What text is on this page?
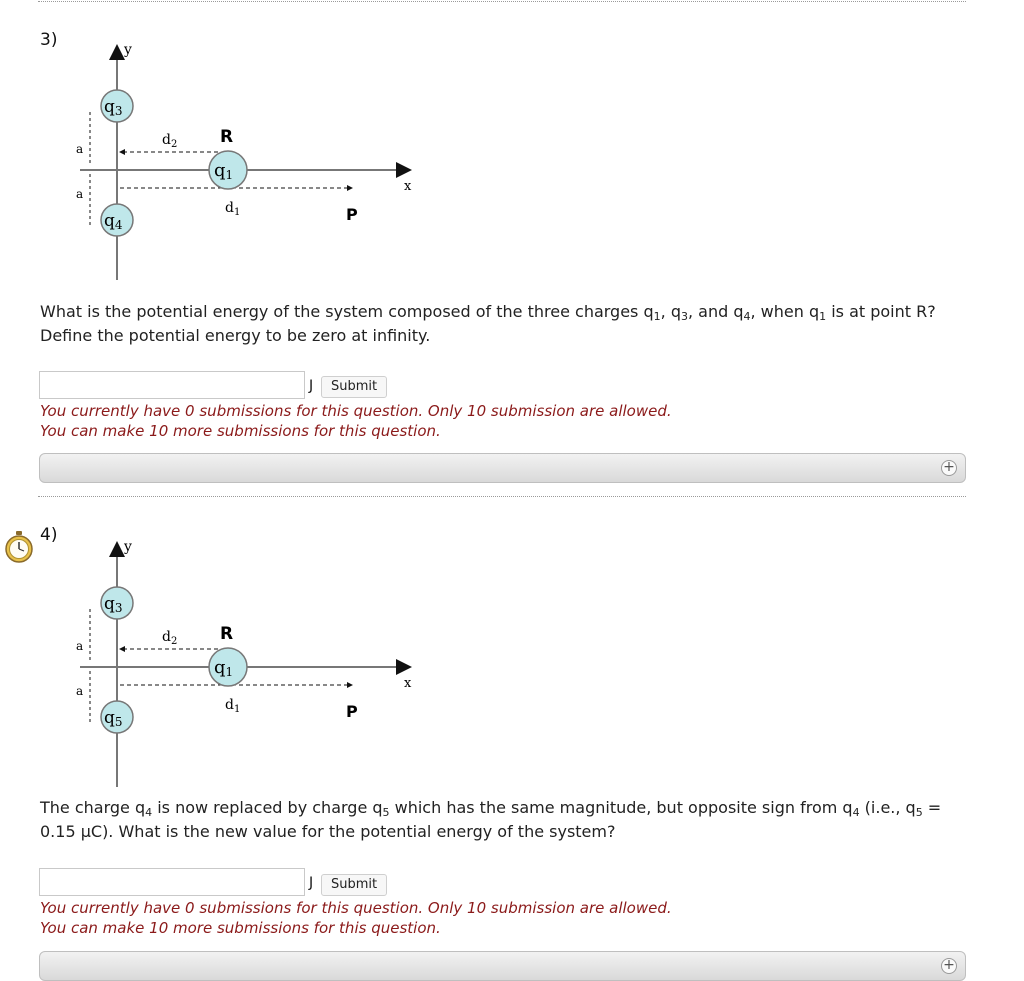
3)	y
x
a
a
$d_2$
$d_1$
R
P
q3
q1
q4
What is the potential energy of the system composed of the three charges $q_1$, $q_3$, and $q_4$, when $q_1$ is at point R? Define the potential energy to be zero at infinity.
J	Submit
You currently have 0 submissions for this question. Only 10 submission are allowed.
You can make 10 more submissions for this question.
+
4)
y
x
a
a
$d_2$
$d_1$
R
P
q3
q1
q5
The charge $q_4$ is now replaced by charge $q_5$ which has the same magnitude, but opposite sign from $q_4$ (i.e., $q_5 = 0.15$ μC). What is the new value for the potential energy of the system?
J	Submit
You currently have 0 submissions for this question. Only 10 submission are allowed.
You can make 10 more submissions for this question.
+
